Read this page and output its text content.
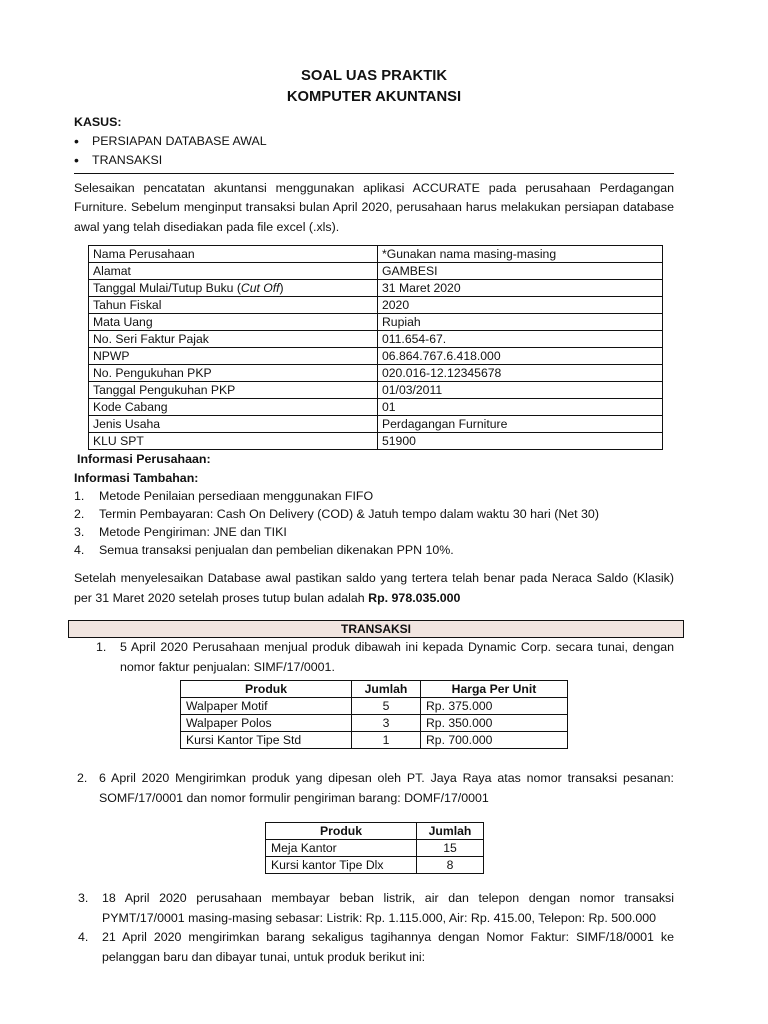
SOAL UAS PRAKTIK
KOMPUTER AKUNTANSI
KASUS:
• PERSIAPAN DATABASE AWAL
• TRANSAKSI
Selesaikan pencatatan akuntansi menggunakan aplikasi ACCURATE pada perusahaan Perdagangan Furniture. Sebelum menginput transaksi bulan April 2020, perusahaan harus melakukan persiapan database awal yang telah disediakan pada file excel (.xls).
Nama Perusahaan	*Gunakan nama masing-masing
Alamat	GAMBESI
Tanggal Mulai/Tutup Buku (Cut Off)	31 Maret 2020
Tahun Fiskal	2020
Mata Uang	Rupiah
No. Seri Faktur Pajak	011.654-67.
NPWP	06.864.767.6.418.000
No. Pengukuhan PKP	020.016-12.12345678
Tanggal Pengukuhan PKP	01/03/2011
Kode Cabang	01
Jenis Usaha	Perdagangan Furniture
KLU SPT	51900
Informasi Perusahaan:
Informasi Tambahan:
1. Metode Penilaian persediaan menggunakan FIFO
2. Termin Pembayaran: Cash On Delivery (COD) & Jatuh tempo dalam waktu 30 hari (Net 30)
3. Metode Pengiriman: JNE dan TIKI
4. Semua transaksi penjualan dan pembelian dikenakan PPN 10%.
Setelah menyelesaikan Database awal pastikan saldo yang tertera telah benar pada Neraca Saldo (Klasik) per 31 Maret 2020 setelah proses tutup bulan adalah Rp. 978.035.000
TRANSAKSI
1. 5 April 2020 Perusahaan menjual produk dibawah ini kepada Dynamic Corp. secara tunai, dengan nomor faktur penjualan: SIMF/17/0001.
Produk	Jumlah	Harga Per Unit
Walpaper Motif	5	Rp. 375.000
Walpaper Polos	3	Rp. 350.000
Kursi Kantor Tipe Std	1	Rp. 700.000
2. 6 April 2020 Mengirimkan produk yang dipesan oleh PT. Jaya Raya atas nomor transaksi pesanan: SOMF/17/0001 dan nomor formulir pengiriman barang: DOMF/17/0001
Produk	Jumlah
Meja Kantor	15
Kursi kantor Tipe Dlx	8
3. 18 April 2020 perusahaan membayar beban listrik, air dan telepon dengan nomor transaksi PYMT/17/0001 masing-masing sebasar: Listrik: Rp. 1.115.000, Air: Rp. 415.00, Telepon: Rp. 500.000
4. 21 April 2020 mengirimkan barang sekaligus tagihannya dengan Nomor Faktur: SIMF/18/0001 ke pelanggan baru dan dibayar tunai, untuk produk berikut ini:
